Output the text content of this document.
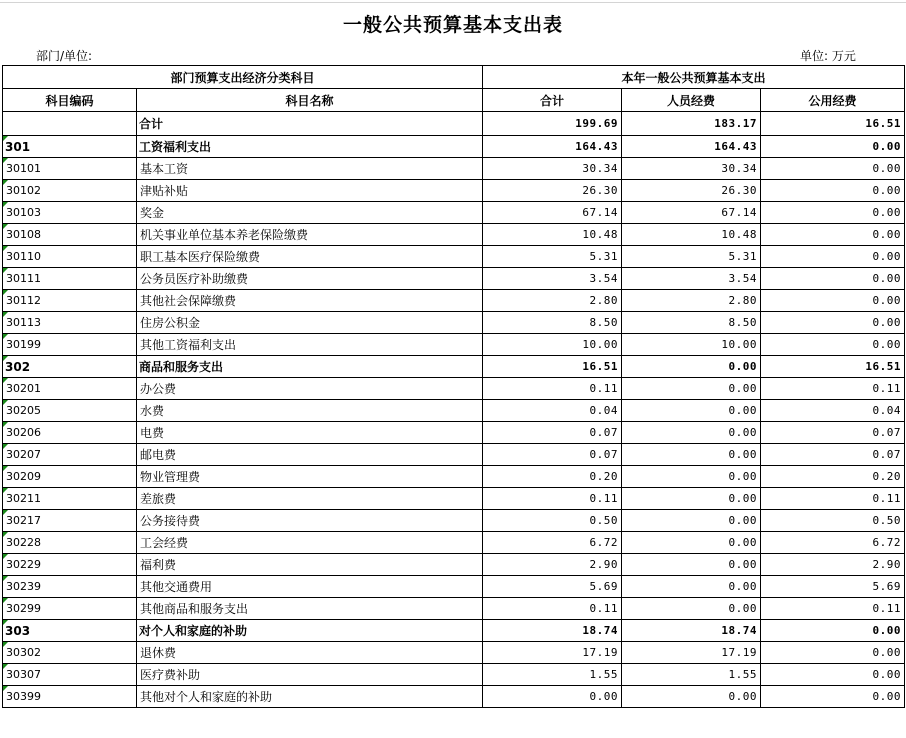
一般公共预算基本支出表
部门/单位:	单位: 万元
部门预算支出经济分类科目		本年一般公共预算基本支出		
科目编码	科目名称	合计	人员经费	公用经费
	合计	199.69	183.17	16.51

301	工资福利支出	164.43	164.43	0.00

30101	基本工资	30.34	30.34	0.00

30102	津贴补贴	26.30	26.30	0.00

30103	奖金	67.14	67.14	0.00

30108	机关事业单位基本养老保险缴费	10.48	10.48	0.00

30110	职工基本医疗保险缴费	5.31	5.31	0.00

30111	公务员医疗补助缴费	3.54	3.54	0.00

30112	其他社会保障缴费	2.80	2.80	0.00

30113	住房公积金	8.50	8.50	0.00

30199	其他工资福利支出	10.00	10.00	0.00

302	商品和服务支出	16.51	0.00	16.51

30201	办公费	0.11	0.00	0.11

30205	水费	0.04	0.00	0.04

30206	电费	0.07	0.00	0.07

30207	邮电费	0.07	0.00	0.07

30209	物业管理费	0.20	0.00	0.20

30211	差旅费	0.11	0.00	0.11

30217	公务接待费	0.50	0.00	0.50

30228	工会经费	6.72	0.00	6.72

30229	福利费	2.90	0.00	2.90

30239	其他交通费用	5.69	0.00	5.69

30299	其他商品和服务支出	0.11	0.00	0.11

303	对个人和家庭的补助	18.74	18.74	0.00

30302	退休费	17.19	17.19	0.00

30307	医疗费补助	1.55	1.55	0.00

30399	其他对个人和家庭的补助	0.00	0.00	0.00
